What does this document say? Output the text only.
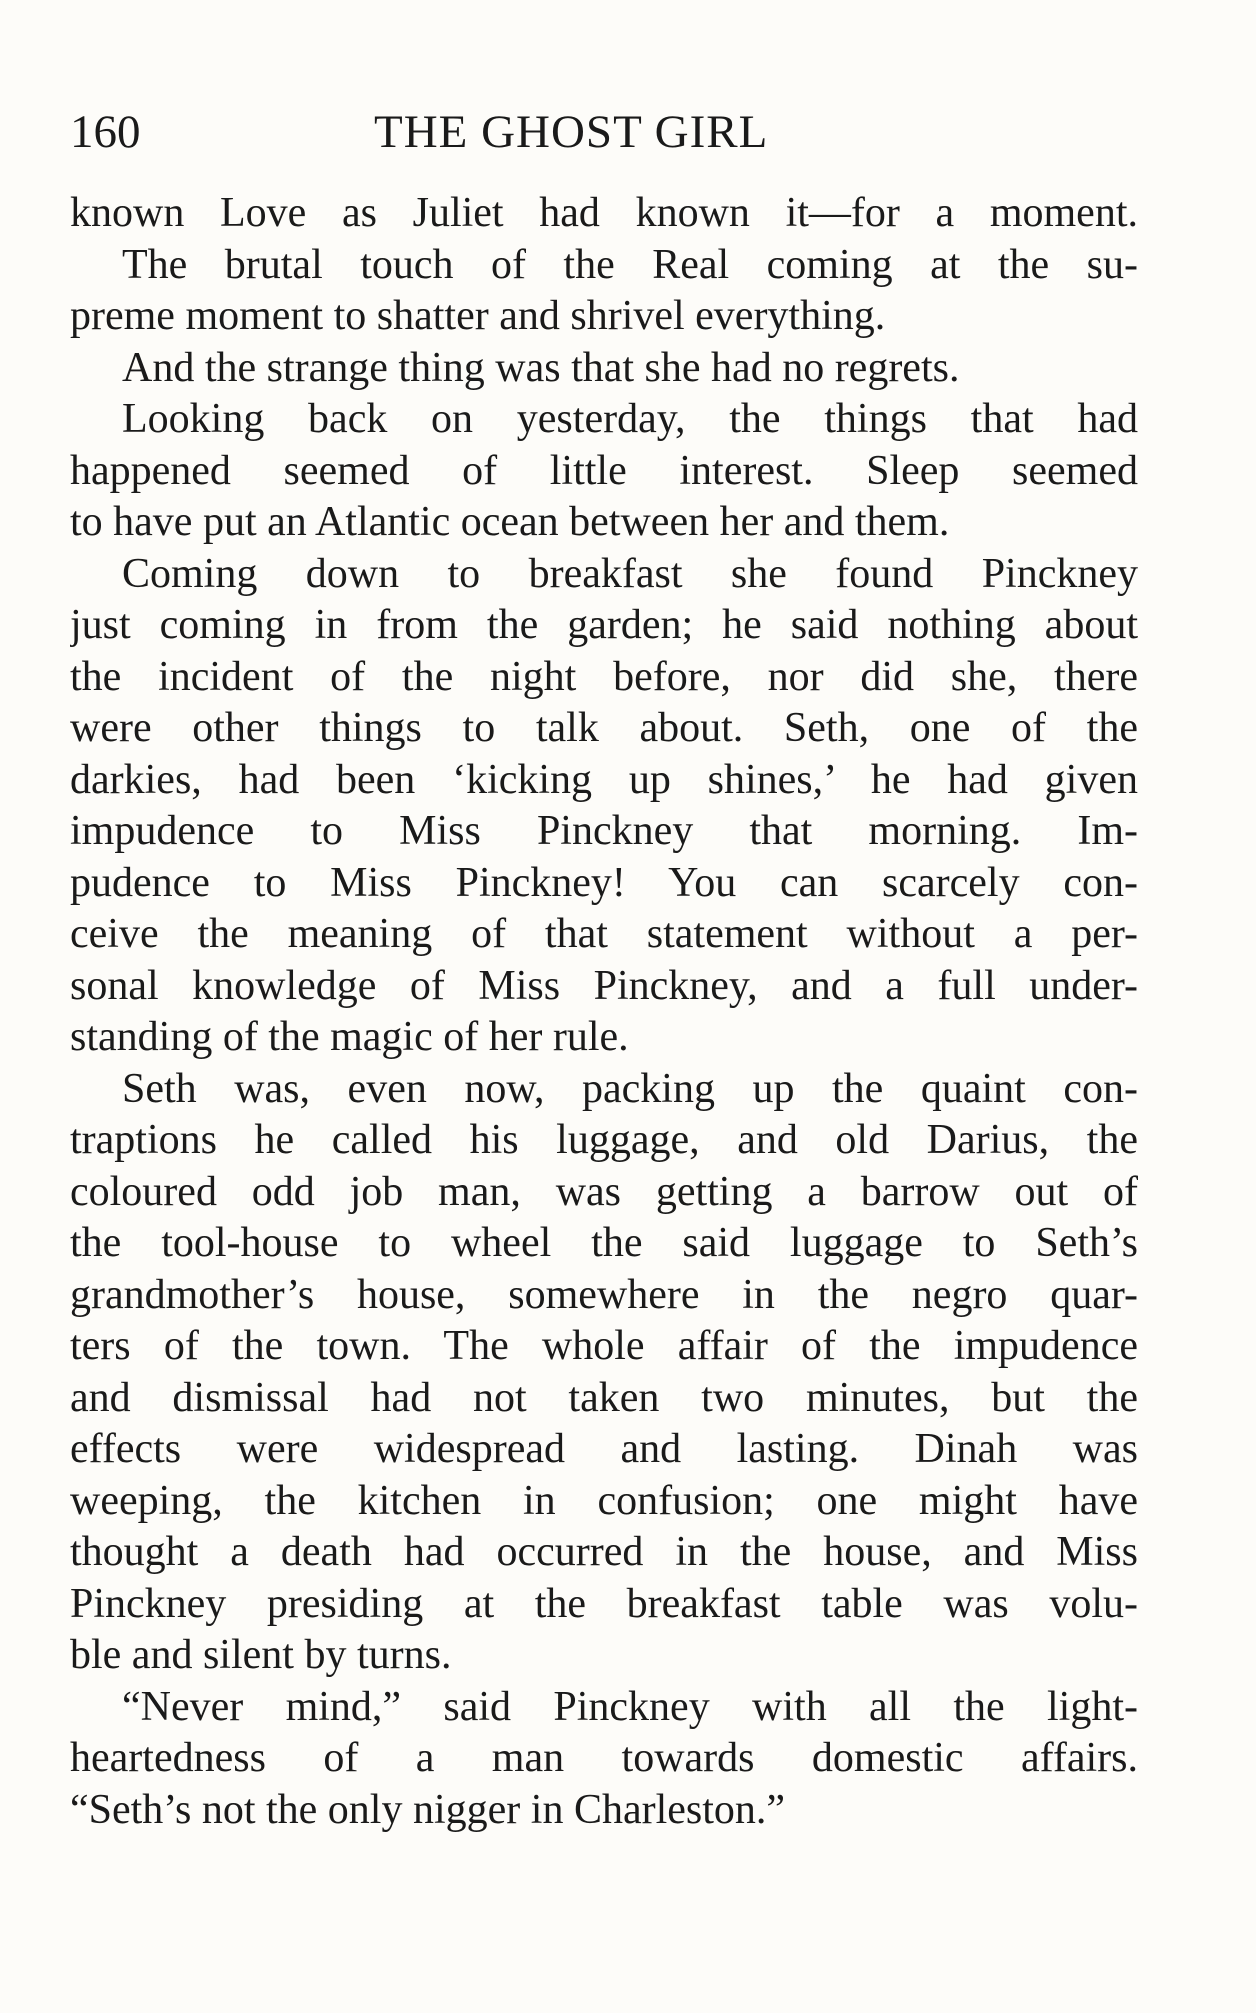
160	THE GHOST GIRL
known Love as Juliet had known it—for a moment.
The brutal touch of the Real coming at the su-
preme moment to shatter and shrivel everything.
And the strange thing was that she had no regrets.
Looking back on yesterday, the things that had
happened seemed of little interest. Sleep seemed
to have put an Atlantic ocean between her and them.
Coming down to breakfast she found Pinckney
just coming in from the garden; he said nothing about
the incident of the night before, nor did she, there
were other things to talk about. Seth, one of the
darkies, had been ‘kicking up shines,’ he had given
impudence to Miss Pinckney that morning. Im-
pudence to Miss Pinckney! You can scarcely con-
ceive the meaning of that statement without a per-
sonal knowledge of Miss Pinckney, and a full under-
standing of the magic of her rule.
Seth was, even now, packing up the quaint con-
traptions he called his luggage, and old Darius, the
coloured odd job man, was getting a barrow out of
the tool-house to wheel the said luggage to Seth’s
grandmother’s house, somewhere in the negro quar-
ters of the town. The whole affair of the impudence
and dismissal had not taken two minutes, but the
effects were widespread and lasting. Dinah was
weeping, the kitchen in confusion; one might have
thought a death had occurred in the house, and Miss
Pinckney presiding at the breakfast table was volu-
ble and silent by turns.
“Never mind,” said Pinckney with all the light-
heartedness of a man towards domestic affairs.
“Seth’s not the only nigger in Charleston.”
